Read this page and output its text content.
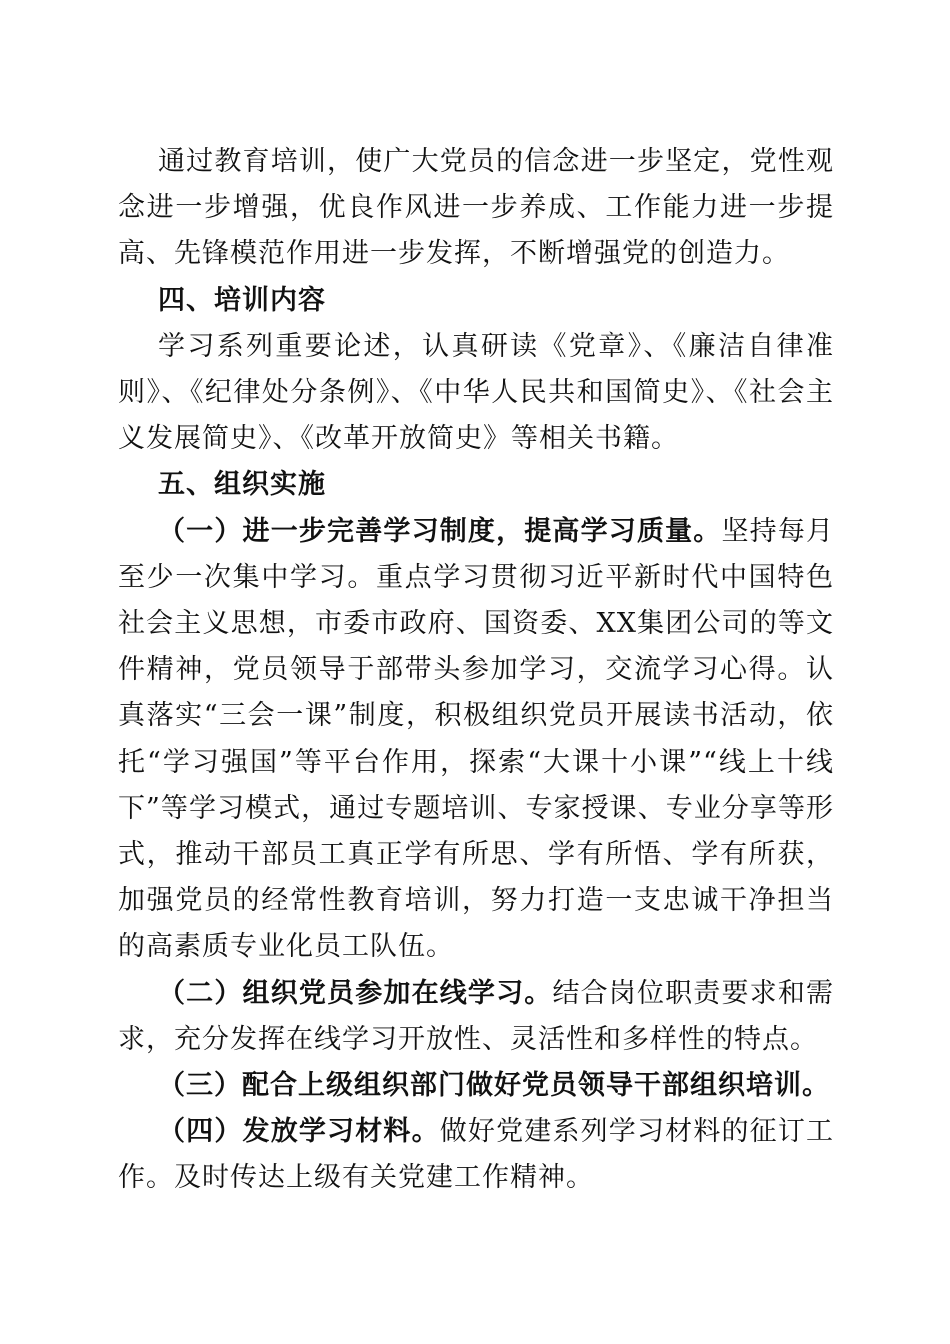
通过教育培训，使广大党员的信念进一步坚定，党性观念进一步增强，优良作风进一步养成、工作能力进一步提高、先锋模范作用进一步发挥，不断增强党的创造力。

四、培训内容

学习系列重要论述，认真研读《党章》、《廉洁自律准则》、《纪律处分条例》、《中华人民共和国简史》、《社会主义发展简史》、《改革开放简史》等相关书籍。

五、组织实施

（一）进一步完善学习制度，提高学习质量。坚持每月至少一次集中学习。重点学习贯彻习近平新时代中国特色社会主义思想，市委市政府、国资委、XX集团公司的等文件精神，党员领导于部带头参加学习，交流学习心得。认真落实“三会一课”制度，积极组织党员开展读书活动，依托“学习强国”等平台作用，探索“大课十小课”“线上十线下”等学习模式，通过专题培训、专家授课、专业分享等形式，推动干部员工真正学有所思、学有所悟、学有所获，加强党员的经常性教育培训，努力打造一支忠诚干净担当的高素质专业化员工队伍。

（二）组织党员参加在线学习。结合岗位职责要求和需求，充分发挥在线学习开放性、灵活性和多样性的特点。

（三）配合上级组织部门做好党员领导干部组织培训。

（四）发放学习材料。做好党建系列学习材料的征订工作。及时传达上级有关党建工作精神。
